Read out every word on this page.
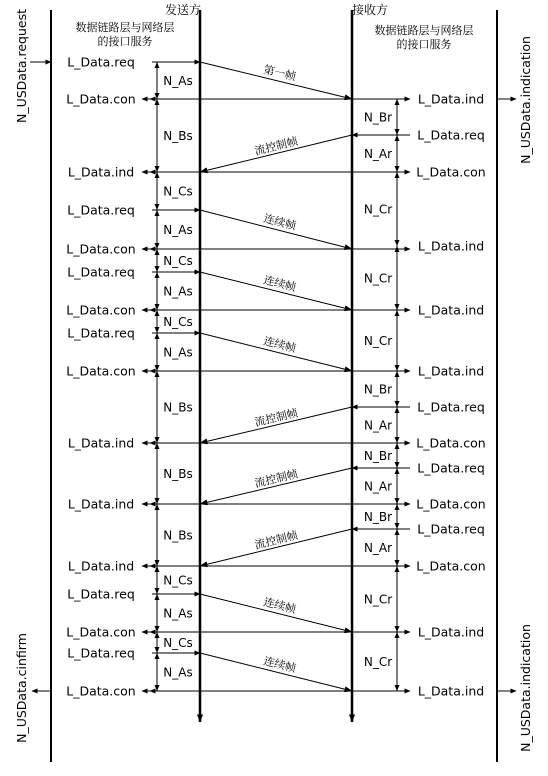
发送方	接收方
数据链路层与网络层
的接口服务
数据链路层与网络层
的接口服务
N_USData.request
N_USData.cinfirm
N_USData.indication
N_USData.indication
第一帧
流控制帧
连续帧
连续帧
连续帧
流控制帧
流控制帧
流控制帧
连续帧
连续帧
N_As
N_Bs
N_Cs
N_As
N_Cs
N_As
N_Cs
N_As
N_Bs
N_Bs
N_Bs
N_Cs
N_As
N_Cs
N_As
N_Br
N_Ar
N_Cr
N_Cr
N_Cr
N_Br
N_Ar
N_Br
N_Ar
N_Br
N_Ar
N_Cr
N_Cr
L_Data.req
L_Data.con
L_Data.ind
L_Data.req
L_Data.con
L_Data.req
L_Data.con
L_Data.req
L_Data.con
L_Data.ind
L_Data.ind
L_Data.ind
L_Data.req
L_Data.con
L_Data.req
L_Data.con
L_Data.ind
L_Data.req
L_Data.con
L_Data.ind
L_Data.ind
L_Data.ind
L_Data.req
L_Data.con
L_Data.req
L_Data.con
L_Data.req
L_Data.con
L_Data.ind
L_Data.ind
